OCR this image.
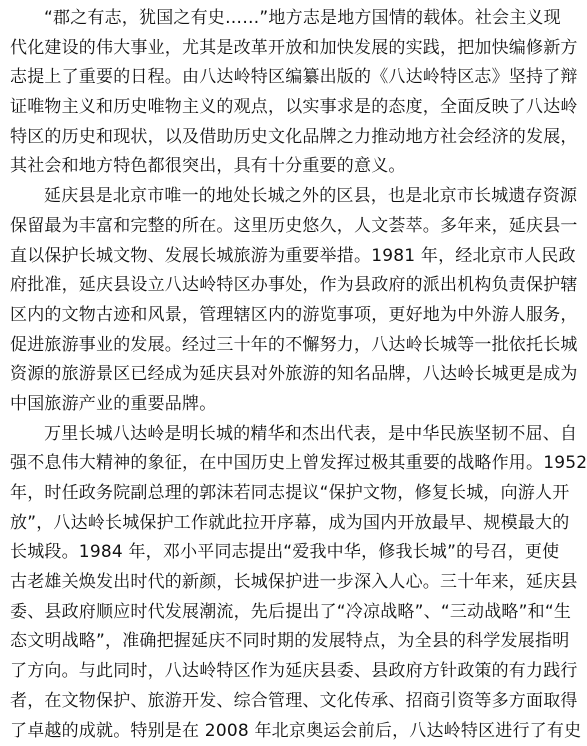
“郡之有志，犹国之有史……”地方志是地方国情的载体。社会主义现
代化建设的伟大事业，尤其是改革开放和加快发展的实践，把加快编修新方
志提上了重要的日程。由八达岭特区编纂出版的《八达岭特区志》坚持了辩
证唯物主义和历史唯物主义的观点，以实事求是的态度，全面反映了八达岭
特区的历史和现状，以及借助历史文化品牌之力推动地方社会经济的发展，
其社会和地方特色都很突出，具有十分重要的意义。
延庆县是北京市唯一的地处长城之外的区县，也是北京市长城遗存资源
保留最为丰富和完整的所在。这里历史悠久，人文荟萃。多年来，延庆县一
直以保护长城文物、发展长城旅游为重要举措。1981 年，经北京市人民政
府批准，延庆县设立八达岭特区办事处，作为县政府的派出机构负责保护辖
区内的文物古迹和风景，管理辖区内的游览事项，更好地为中外游人服务，
促进旅游事业的发展。经过三十年的不懈努力，八达岭长城等一批依托长城
资源的旅游景区已经成为延庆县对外旅游的知名品牌，八达岭长城更是成为
中国旅游产业的重要品牌。
万里长城八达岭是明长城的精华和杰出代表，是中华民族坚韧不屈、自
强不息伟大精神的象征，在中国历史上曾发挥过极其重要的战略作用。1952
年，时任政务院副总理的郭沫若同志提议“保护文物，修复长城，向游人开
放”，八达岭长城保护工作就此拉开序幕，成为国内开放最早、规模最大的
长城段。1984 年，邓小平同志提出“爱我中华，修我长城”的号召，更使
古老雄关焕发出时代的新颜，长城保护进一步深入人心。三十年来，延庆县
委、县政府顺应时代发展潮流，先后提出了“冷凉战略”、“三动战略”和“生
态文明战略”，准确把握延庆不同时期的发展特点，为全县的科学发展指明
了方向。与此同时，八达岭特区作为延庆县委、县政府方针政策的有力践行
者，在文物保护、旅游开发、综合管理、文化传承、招商引资等多方面取得
了卓越的成就。特别是在 2008 年北京奥运会前后，八达岭特区进行了有史
